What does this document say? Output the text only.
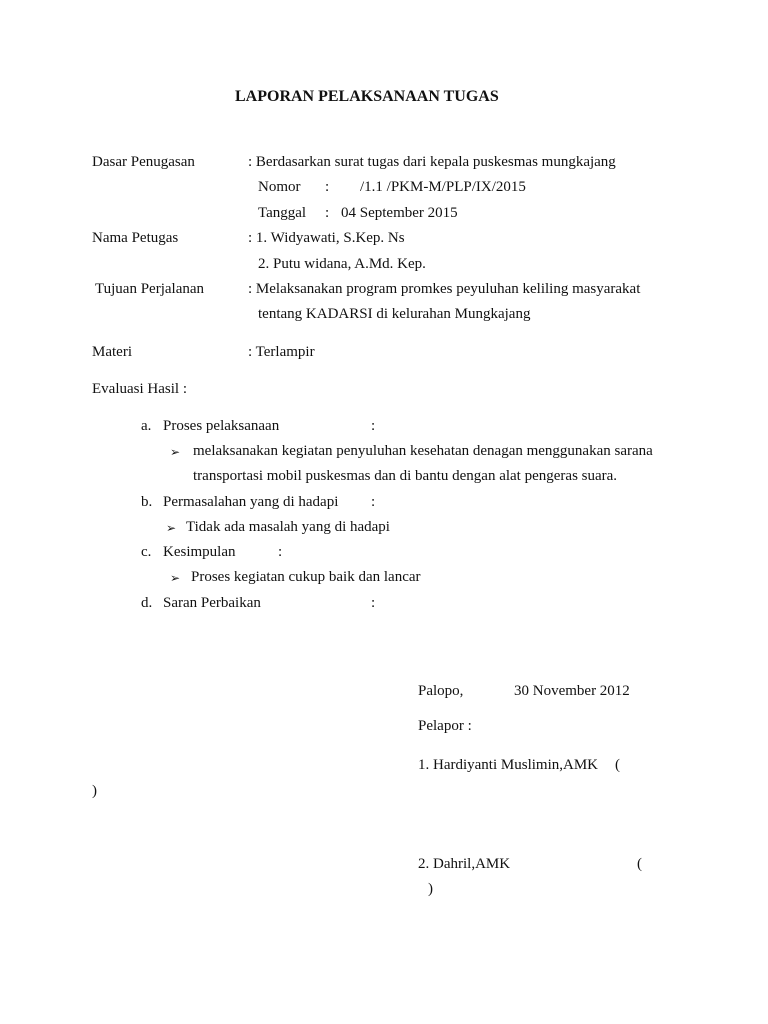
LAPORAN PELAKSANAAN TUGAS
Dasar Penugasan	: Berdasarkan surat tugas dari kepala puskesmas mungkajang
Nomor : /1.1 /PKM-M/PLP/IX/2015
Tanggal : 04 September 2015
Nama Petugas	: 1. Widyawati, S.Kep. Ns
2. Putu widana, A.Md. Kep.
Tujuan Perjalanan	: Melaksanakan program promkes peyuluhan keliling masyarakat
tentang KADARSI di kelurahan Mungkajang
Materi	: Terlampir
Evaluasi Hasil :
a. Proses pelaksanaan	:
➢ melaksanakan kegiatan penyuluhan kesehatan denagan menggunakan sarana
transportasi mobil puskesmas dan di bantu dengan alat pengeras suara.
b. Permasalahan yang di hadapi :
➢ Tidak ada masalah yang di hadapi
c. Kesimpulan	:
➢ Proses kegiatan cukup baik dan lancar
d. Saran Perbaikan	:
Palopo,	30 November 2012
Pelapor :
1. Hardiyanti Muslimin,AMK (
)
2. Dahril,AMK	(
)
